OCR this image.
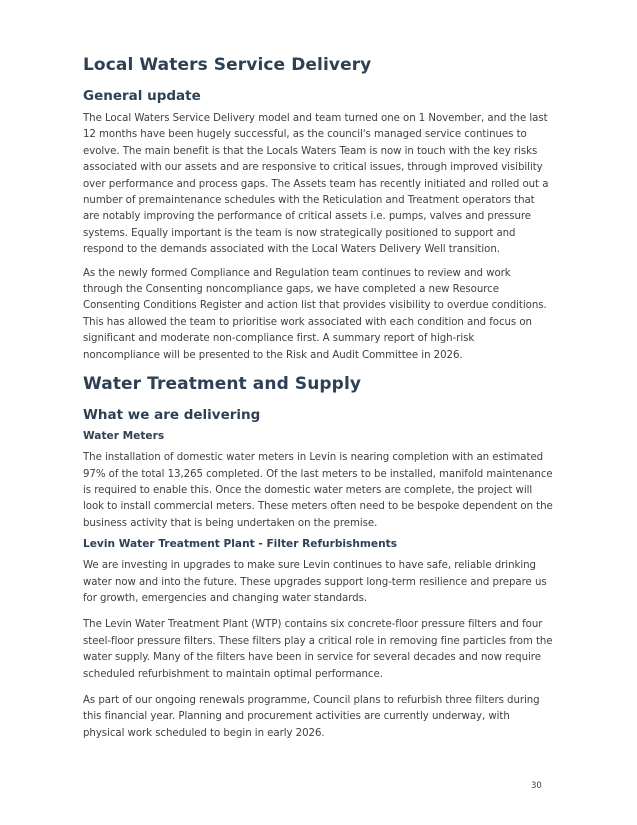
Local Waters Service Delivery
General update

The Local Waters Service Delivery model and team turned one on 1 November, and the last 12 months have been hugely successful, as the council's managed service continues to evolve. The main benefit is that the Locals Waters Team is now in touch with the key risks associated with our assets and are responsive to critical issues, through improved visibility over performance and process gaps. The Assets team has recently initiated and rolled out a number of premaintenance schedules with the Reticulation and Treatment operators that are notably improving the performance of critical assets i.e. pumps, valves and pressure systems. Equally important is the team is now strategically positioned to support and respond to the demands associated with the Local Waters Delivery Well transition.

As the newly formed Compliance and Regulation team continues to review and work through the Consenting noncompliance gaps, we have completed a new Resource Consenting Conditions Register and action list that provides visibility to overdue conditions. This has allowed the team to prioritise work associated with each condition and focus on significant and moderate non-compliance first. A summary report of high-risk noncompliance will be presented to the Risk and Audit Committee in 2026.

Water Treatment and Supply
What we are delivering
Water Meters

The installation of domestic water meters in Levin is nearing completion with an estimated 97% of the total 13,265 completed. Of the last meters to be installed, manifold maintenance is required to enable this. Once the domestic water meters are complete, the project will look to install commercial meters. These meters often need to be bespoke dependent on the business activity that is being undertaken on the premise.

Levin Water Treatment Plant - Filter Refurbishments

We are investing in upgrades to make sure Levin continues to have safe, reliable drinking water now and into the future. These upgrades support long-term resilience and prepare us for growth, emergencies and changing water standards.

The Levin Water Treatment Plant (WTP) contains six concrete-floor pressure filters and four steel-floor pressure filters. These filters play a critical role in removing fine particles from the water supply. Many of the filters have been in service for several decades and now require scheduled refurbishment to maintain optimal performance.

As part of our ongoing renewals programme, Council plans to refurbish three filters during this financial year. Planning and procurement activities are currently underway, with physical work scheduled to begin in early 2026.

30
